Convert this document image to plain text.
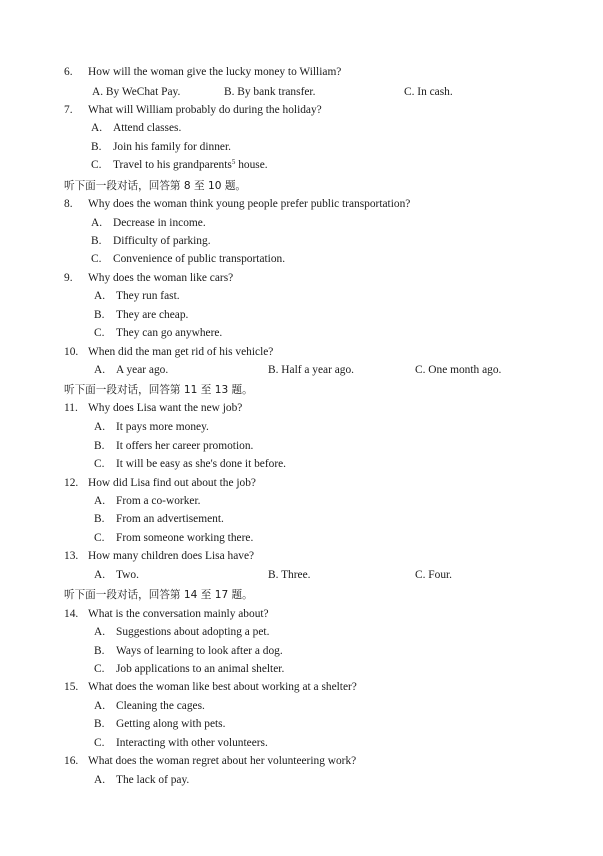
6. How will the woman give the lucky money to William?
A. By WeChat Pay.	B. By bank transfer.	C. In cash.
7. What will William probably do during the holiday?
A. Attend classes.
B. Join his family for dinner.
C. Travel to his grandparents$^5$ house.
听下面一段对话，回答第 8 至 10 题。
8. Why does the woman think young people prefer public transportation?
A. Decrease in income.
B. Difficulty of parking.
C. Convenience of public transportation.
9. Why does the woman like cars?
A. They run fast.
B. They are cheap.
C. They can go anywhere.
10. When did the man get rid of his vehicle?
A. A year ago.	B. Half a year ago.	C. One month ago.
听下面一段对话，回答第 11 至 13 题。
11. Why does Lisa want the new job?
A. It pays more money.
B. It offers her career promotion.
C. It will be easy as she's done it before.
12. How did Lisa find out about the job?
A. From a co-worker.
B. From an advertisement.
C. From someone working there.
13. How many children does Lisa have?
A. Two.	B. Three.	C. Four.
听下面一段对话，回答第 14 至 17 题。
14. What is the conversation mainly about?
A. Suggestions about adopting a pet.
B. Ways of learning to look after a dog.
C. Job applications to an animal shelter.
15. What does the woman like best about working at a shelter?
A. Cleaning the cages.
B. Getting along with pets.
C. Interacting with other volunteers.
16. What does the woman regret about her volunteering work?
A. The lack of pay.
